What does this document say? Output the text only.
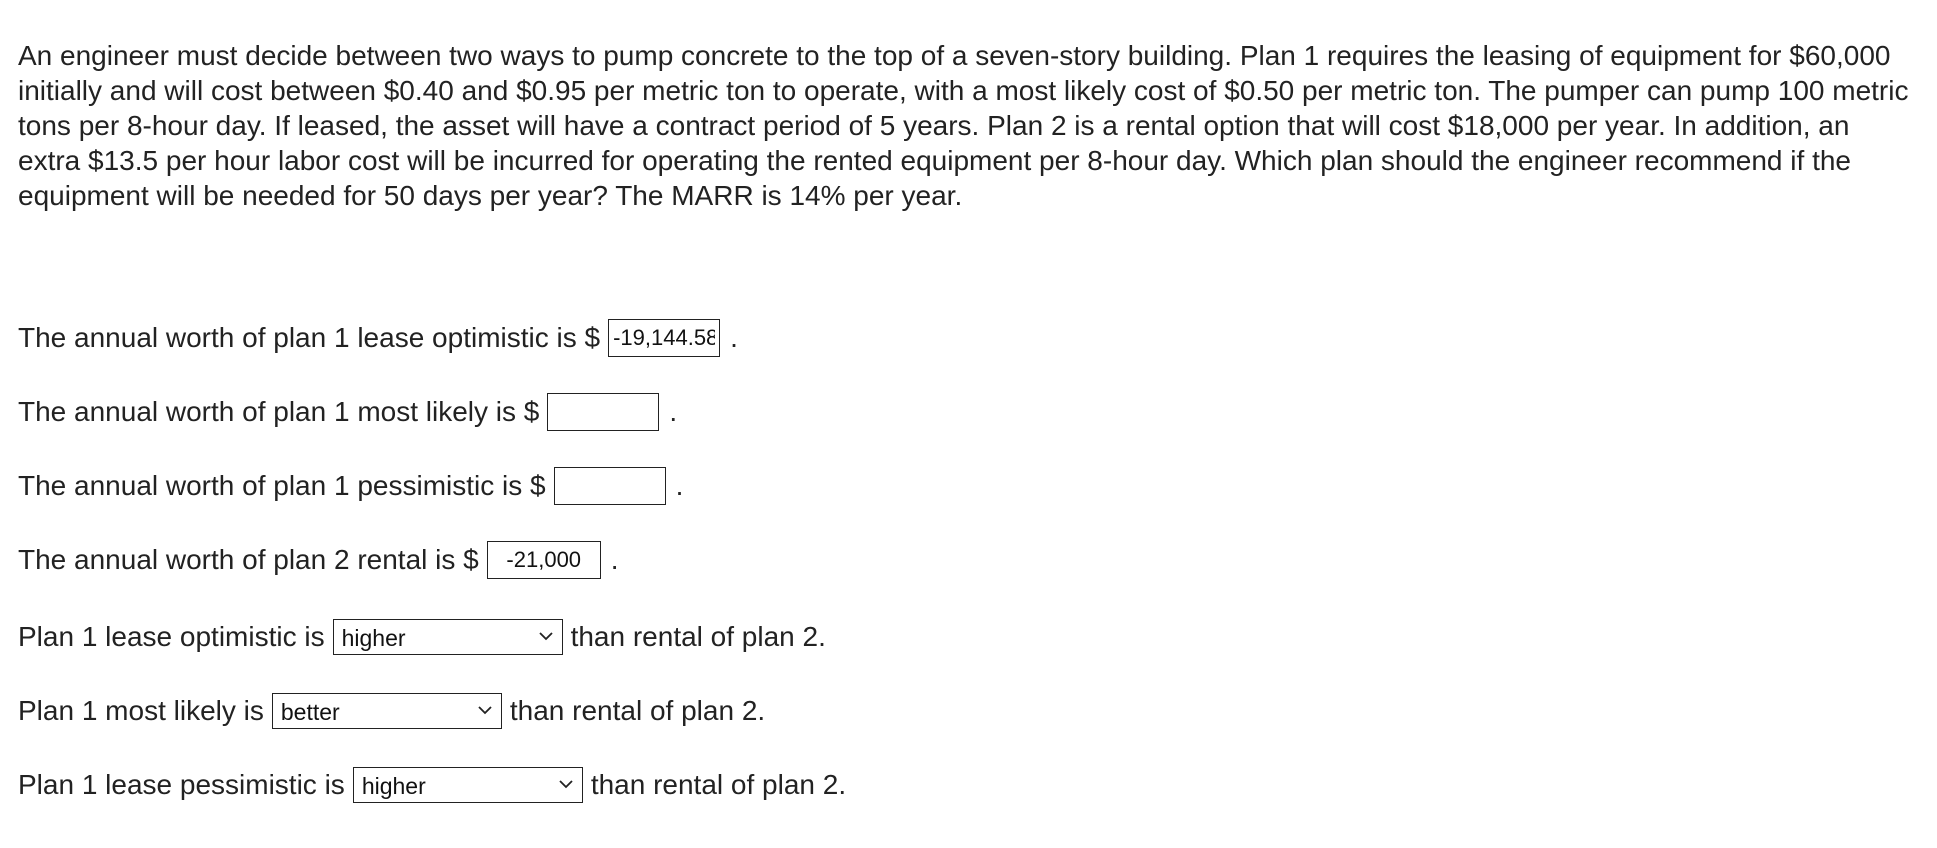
An engineer must decide between two ways to pump concrete to the top of a seven-story building. Plan 1 requires the leasing of equipment for $60,000 initially and will cost between $0.40 and $0.95 per metric ton to operate, with a most likely cost of $0.50 per metric ton. The pumper can pump 100 metric tons per 8-hour day. If leased, the asset will have a contract period of 5 years. Plan 2 is a rental option that will cost $18,000 per year. In addition, an extra $13.5 per hour labor cost will be incurred for operating the rented equipment per 8-hour day. Which plan should the engineer recommend if the equipment will be needed for 50 days per year? The MARR is 14% per year.

The annual worth of plan 1 lease optimistic is $
-19,144.58	.
The annual worth of plan 1 most likely is $	.
The annual worth of plan 1 pessimistic is $	.
The annual worth of plan 2 rental is $
-21,000	.
Plan 1 lease optimistic is higher	than rental of plan 2.
Plan 1 most likely is better	than rental of plan 2.
Plan 1 lease pessimistic is higher	than rental of plan 2.
